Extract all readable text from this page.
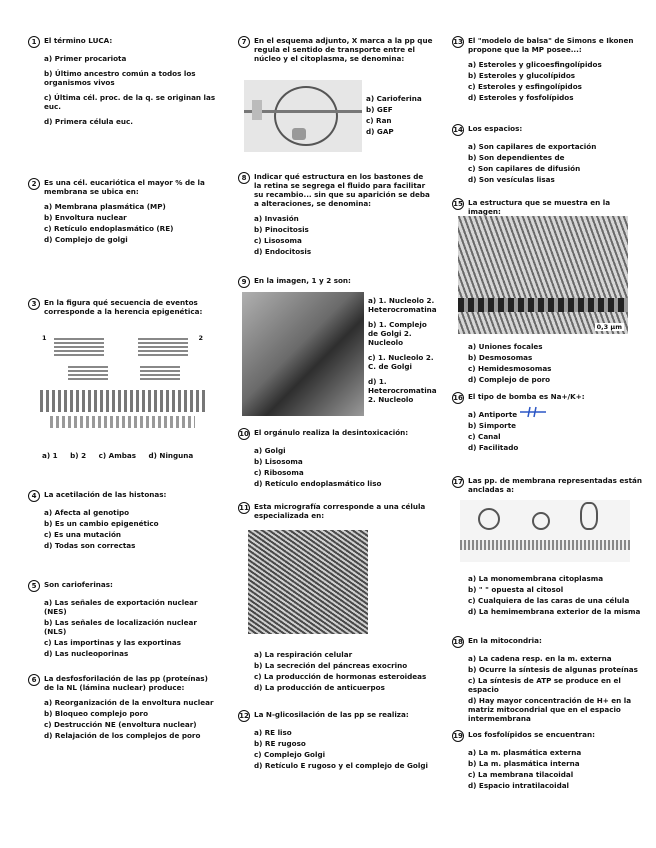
1	El término LUCA:
a) Primer procariota
b) Último ancestro común a todos los organismos vivos
c) Última cél. proc. de la q. se originan las euc.
d) Primera célula euc.
2	Es una cél. eucariótica el mayor % de la membrana se ubica en:
a) Membrana plasmática (MP)
b) Envoltura nuclear
c) Retículo endoplasmático (RE)
d) Complejo de golgi
3	En la figura qué secuencia de eventos corresponde a la herencia epigenética:
1	2
a) 1 b) 2 c) Ambas d) Ninguna
4	La acetilación de las histonas:
a) Afecta al genotipo
b) Es un cambio epigenético
c) Es una mutación
d) Todas son correctas
5	Son carioferinas:
a) Las señales de exportación nuclear (NES)
b) Las señales de localización nuclear (NLS)
c) Las importinas y las exportinas
d) Las nucleoporinas
6	La desfosforilación de las pp (proteínas) de la NL (lámina nuclear) produce:
a) Reorganización de la envoltura nuclear
b) Bloqueo complejo poro
c) Destrucción NE (envoltura nuclear)
d) Relajación de los complejos de poro
7	En el esquema adjunto, X marca a la pp que regula el sentido de transporte entre el núcleo y el citoplasma, se denomina:
a) Carioferina
b) GEF
c) Ran
d) GAP
8	Indicar qué estructura en los bastones de la retina se segrega el fluido para facilitar su recambio... sin que su aparición se deba a alteraciones, se denomina:
a) Invasión
b) Pinocitosis
c) Lisosoma
d) Endocitosis
9	En la imagen, 1 y 2 son:
a) 1. Nucleolo 2. Heterocromatina
b) 1. Complejo de Golgi 2. Nucleolo
c) 1. Nucleolo 2. C. de Golgi
d) 1. Heterocromatina 2. Nucleolo
10 El orgánulo realiza la desintoxicación:
a) Golgi
b) Lisosoma
c) Ribosoma
d) Retículo endoplasmático liso
11 Esta micrografía corresponde a una célula especializada en:
a) La respiración celular
b) La secreción del páncreas exocrino
c) La producción de hormonas esteroideas
d) La producción de anticuerpos
12 La N-glicosilación de las pp se realiza:
a) RE liso
b) RE rugoso
c) Complejo Golgi
d) Retículo E rugoso y el complejo de Golgi
13 El "modelo de balsa" de Simons e Ikonen propone que la MP posee...:
a) Esteroles y glicoesfingolípidos
b) Esteroles y glucolípidos
c) Esteroles y esfingolípidos
d) Esteroles y fosfolípidos
14 Los espacios:
a) Son capilares de exportación
b) Son dependientes de
c) Son capilares de difusión
d) Son vesículas lisas
15 La estructura que se muestra en la imagen:
0,3 µm
a) Uniones focales
b) Desmosomas
c) Hemidesmosomas
d) Complejo de poro
16 El tipo de bomba es Na+/K+:
a) Antiporte
b) Simporte
c) Canal
d) Facilitado
17 Las pp. de membrana representadas están ancladas a:
a) La monomembrana citoplasma
b) " " opuesta al citosol
c) Cualquiera de las caras de una célula
d) La hemimembrana exterior de la misma
18 En la mitocondria:
a) La cadena resp. en la m. externa
b) Ocurre la síntesis de algunas proteínas
c) La síntesis de ATP se produce en el espacio
d) Hay mayor concentración de H+ en la matriz mitocondrial que en el espacio intermembrana
19 Los fosfolípidos se encuentran:
a) La m. plasmática externa
b) La m. plasmática interna
c) La membrana tilacoidal
d) Espacio intratilacoidal
